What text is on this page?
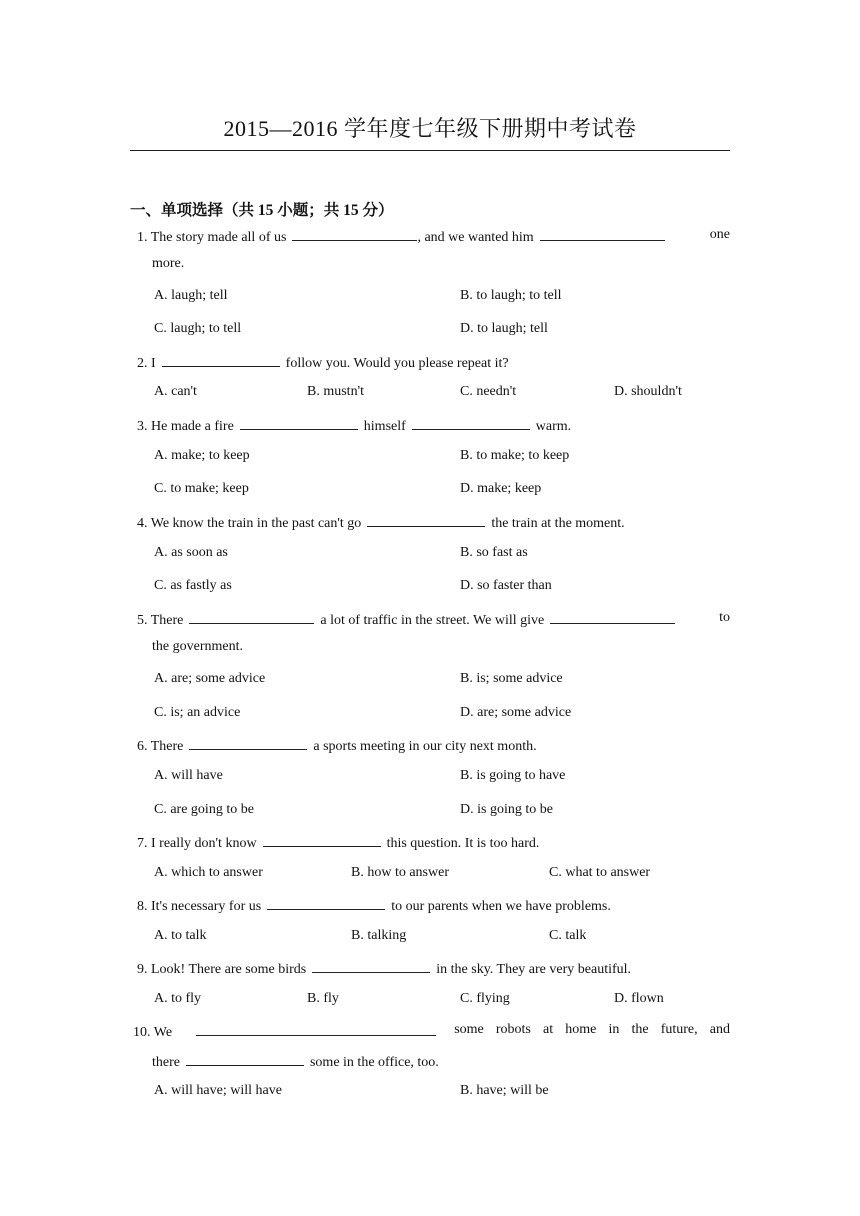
2015—2016 学年度七年级下册期中考试卷
一、单项选择（共 15 小题；共 15 分）
1. The story made all of us	, and we wanted him	one
more.
A. laugh; tell	B. to laugh; to tell
C. laugh; to tell	D. to laugh; tell
2. I	follow you. Would you please repeat it?
A. can't	B. mustn't	C. needn't	D. shouldn't
3. He made a fire	himself	warm.
A. make; to keep	B. to make; to keep
C. to make; keep	D. make; keep
4. We know the train in the past can't go	the train at the moment.
A. as soon as	B. so fast as
C. as fastly as	D. so faster than
5. There	a lot of traffic in the street. We will give	to
the government.
A. are; some advice	B. is; some advice
C. is; an advice	D. are; some advice
6. There	a sports meeting in our city next month.
A. will have	B. is going to have
C. are going to be	D. is going to be
7. I really don't know	this question. It is too hard.
A. which to answer	B. how to answer	C. what to answer
8. It's necessary for us	to our parents when we have problems.
A. to talk	B. talking	C. talk
9. Look! There are some birds	in the sky. They are very beautiful.
A. to fly	B. fly	C. flying	D. flown
10. We	some robots at home in the future, and
there	some in the office, too.
A. will have; will have	B. have; will be
